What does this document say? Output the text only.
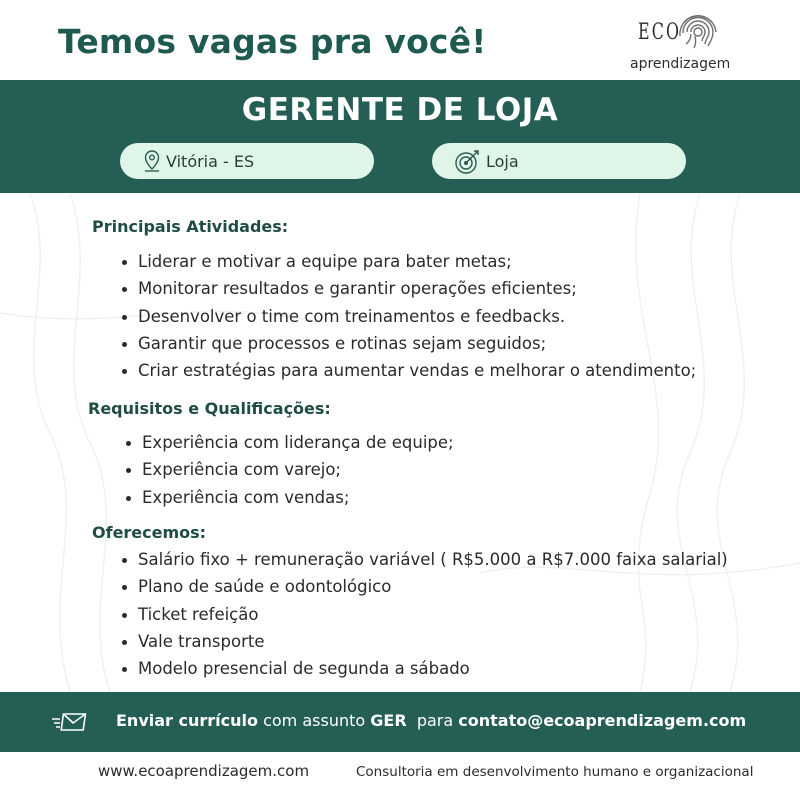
Temos vagas pra você!	ECO
aprendizagem
GERENTE DE LOJA
Vitória - ES	Loja
Principais Atividades:
Liderar e motivar a equipe para bater metas;
Monitorar resultados e garantir operações eficientes;
Desenvolver o time com treinamentos e feedbacks.
Garantir que processos e rotinas sejam seguidos;
Criar estratégias para aumentar vendas e melhorar o atendimento;
Requisitos e Qualificações:
Experiência com liderança de equipe;
Experiência com varejo;
Experiência com vendas;
Oferecemos:
Salário fixo + remuneração variável ( R$5.000 a R$7.000 faixa salarial)
Plano de saúde e odontológico
Ticket refeição
Vale transporte
Modelo presencial de segunda a sábado
Enviar currículo com assunto GER para contato@ecoaprendizagem.com
www.ecoaprendizagem.com	Consultoria em desenvolvimento humano e organizacional
